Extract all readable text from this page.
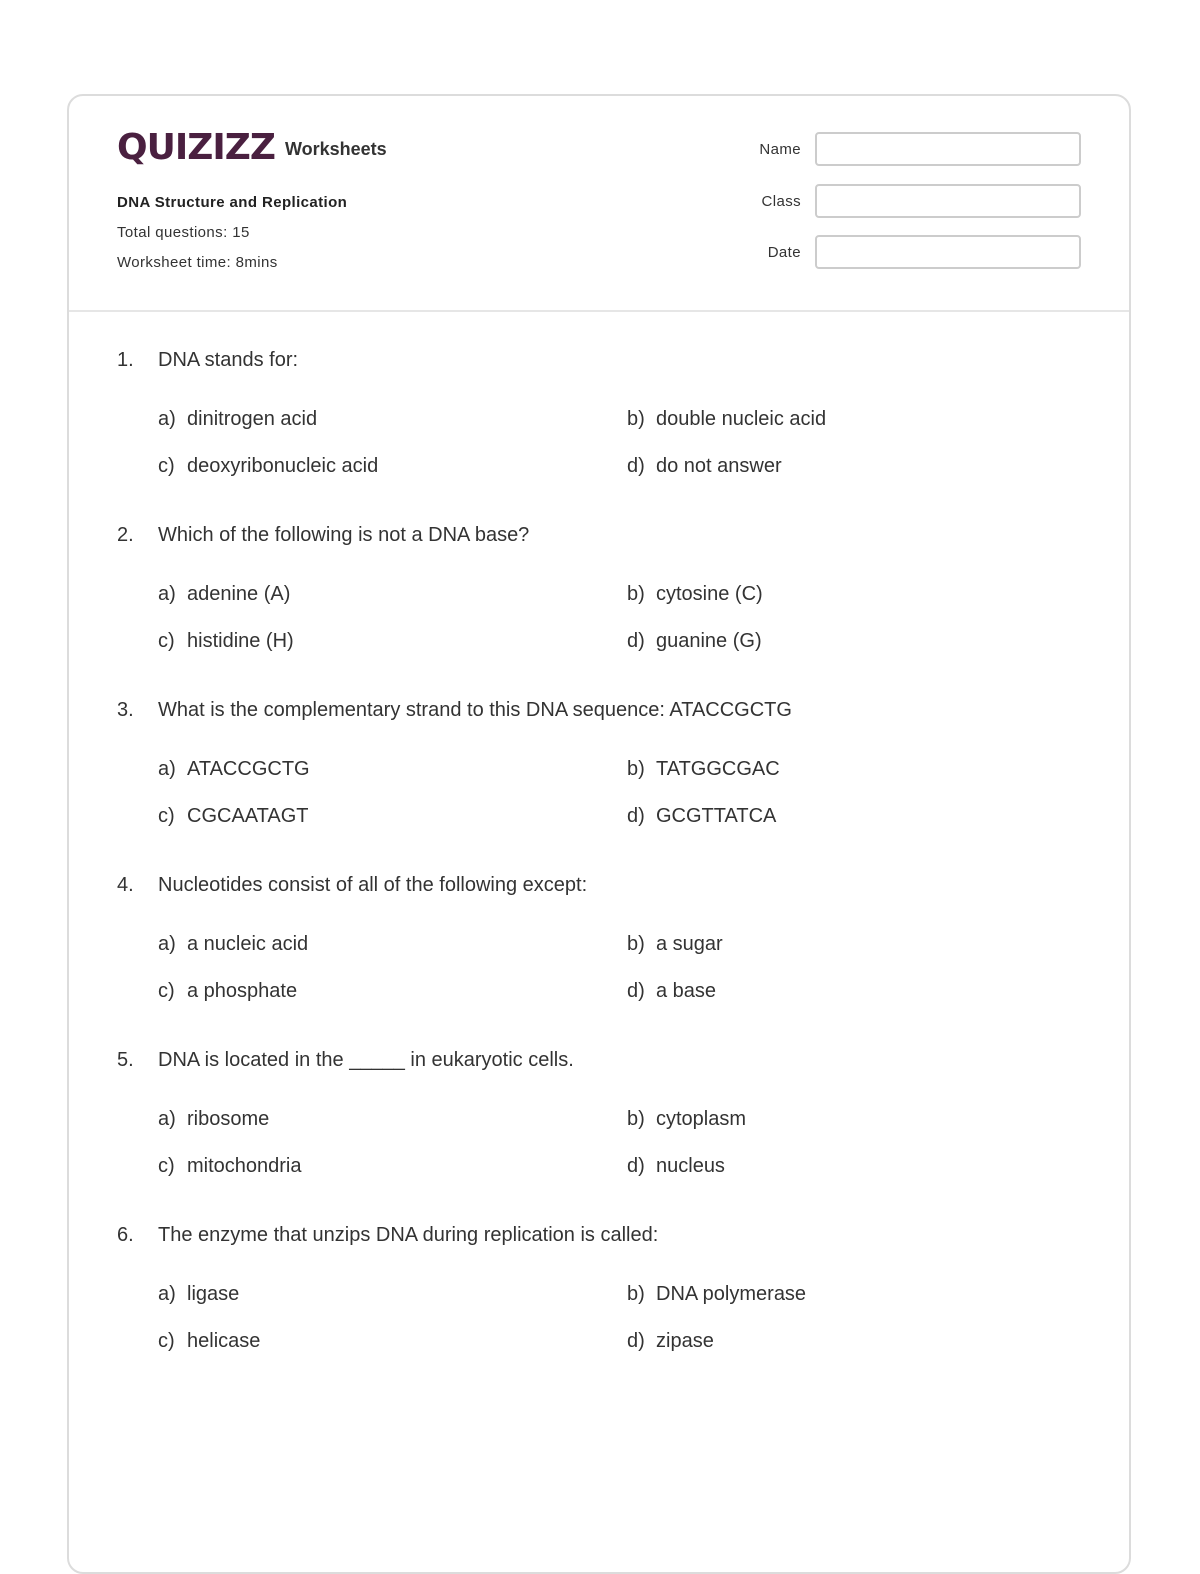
QUIZIZZ Worksheets
DNA Structure and Replication
Total questions: 15
Worksheet time: 8mins
Name
Class
Date
1.	DNA stands for:
a) dinitrogen acid	b) double nucleic acid
c) deoxyribonucleic acid	d) do not answer
2.	Which of the following is not a DNA base?
a) adenine (A)	b) cytosine (C)
c) histidine (H)	d) guanine (G)
3.	What is the complementary strand to this DNA sequence: ATACCGCTG
a) ATACCGCTG	b) TATGGCGAC
c) CGCAATAGT	d) GCGTTATCA
4.	Nucleotides consist of all of the following except:
a) a nucleic acid	b) a sugar
c) a phosphate	d) a base
5.	DNA is located in the _____ in eukaryotic cells.
a) ribosome	b) cytoplasm
c) mitochondria	d) nucleus
6.	The enzyme that unzips DNA during replication is called:
a) ligase	b) DNA polymerase
c) helicase	d) zipase
